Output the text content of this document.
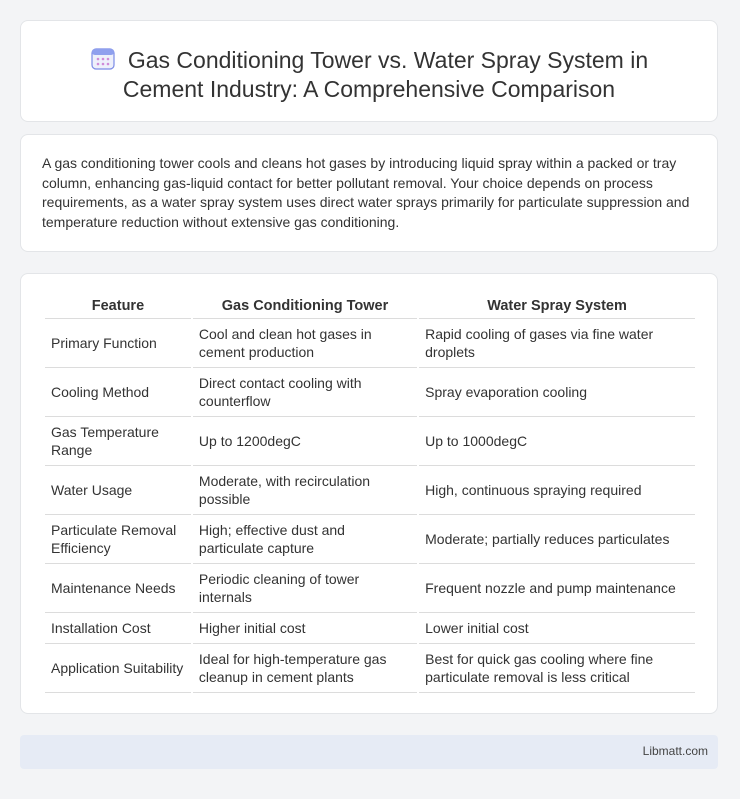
Gas Conditioning Tower vs. Water Spray System in
Cement Industry: A Comprehensive Comparison

A gas conditioning tower cools and cleans hot gases by introducing liquid spray within a packed or tray column, enhancing gas-liquid contact for better pollutant removal. Your choice depends on process requirements, as a water spray system uses direct water sprays primarily for particulate suppression and temperature reduction without extensive gas conditioning.

Feature	Gas Conditioning Tower	Water Spray System
Primary Function	Cool and clean hot gases in cement production	Rapid cooling of gases via fine water droplets
Cooling Method	Direct contact cooling with counterflow	Spray evaporation cooling
Gas Temperature Range	Up to 1200degC	Up to 1000degC
Water Usage	Moderate, with recirculation possible	High, continuous spraying required
Particulate Removal Efficiency	High; effective dust and particulate capture	Moderate; partially reduces particulates
Maintenance Needs	Periodic cleaning of tower internals	Frequent nozzle and pump maintenance
Installation Cost	Higher initial cost	Lower initial cost
Application Suitability	Ideal for high-temperature gas cleanup in cement plants	Best for quick gas cooling where fine particulate removal is less critical
Libmatt.com
